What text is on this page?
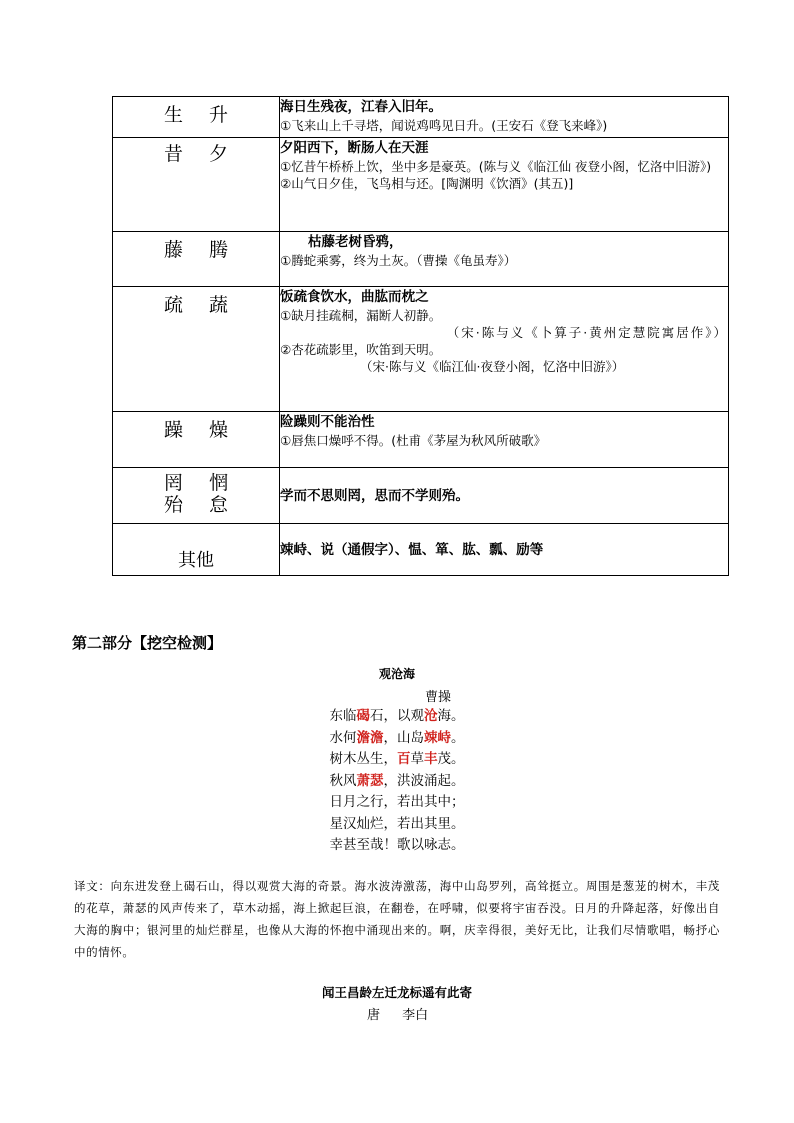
生升	海日生残夜，江春入旧年。
①飞来山上千寻塔，闻说鸡鸣见日升。(王安石《登飞来峰》)

昔夕	夕阳西下，断肠人在天涯
①忆昔午桥桥上饮，坐中多是豪英。(陈与义《临江仙 夜登小阁，忆洛中旧游》)
②山气日夕佳，飞鸟相与还。[陶渊明《饮酒》(其五)]

藤腾	枯藤老树昏鸦，
①腾蛇乘雾，终为土灰。（曹操《龟虽寿》）

疏蔬	饭疏食饮水，曲肱而枕之
①缺月挂疏桐，漏断人初静。
（宋·陈与义《卜算子·黄州定慧院寓居作》）
②杏花疏影里，吹笛到天明。
（宋·陈与义《临江仙·夜登小阁，忆洛中旧游》）

躁燥	险躁则不能治性
①唇焦口燥呼不得。(杜甫《茅屋为秋风所破歌》

罔惘
殆怠	学而不思则罔，思而不学则殆。

其他	竦峙、说（通假字）、愠、箪、肱、瓢、励等
第二部分【挖空检测】
观沧海
曹操
东临碣石，以观沧海。
水何澹澹，山岛竦峙。
树木丛生，百草丰茂。
秋风萧瑟，洪波涌起。
日月之行，若出其中；
星汉灿烂，若出其里。
幸甚至哉！歌以咏志。
译文：向东进发登上碣石山，得以观赏大海的奇景。海水波涛激荡，海中山岛罗列，高耸挺立。周围是葱茏的树木，丰茂的花草，萧瑟的风声传来了，草木动摇，海上掀起巨浪，在翻卷，在呼啸，似要将宇宙吞没。日月的升降起落，好像出自大海的胸中；银河里的灿烂群星，也像从大海的怀抱中涌现出来的。啊，庆幸得很，美好无比，让我们尽情歌唱，畅抒心中的情怀。
闻王昌龄左迁龙标遥有此寄
唐 李白
